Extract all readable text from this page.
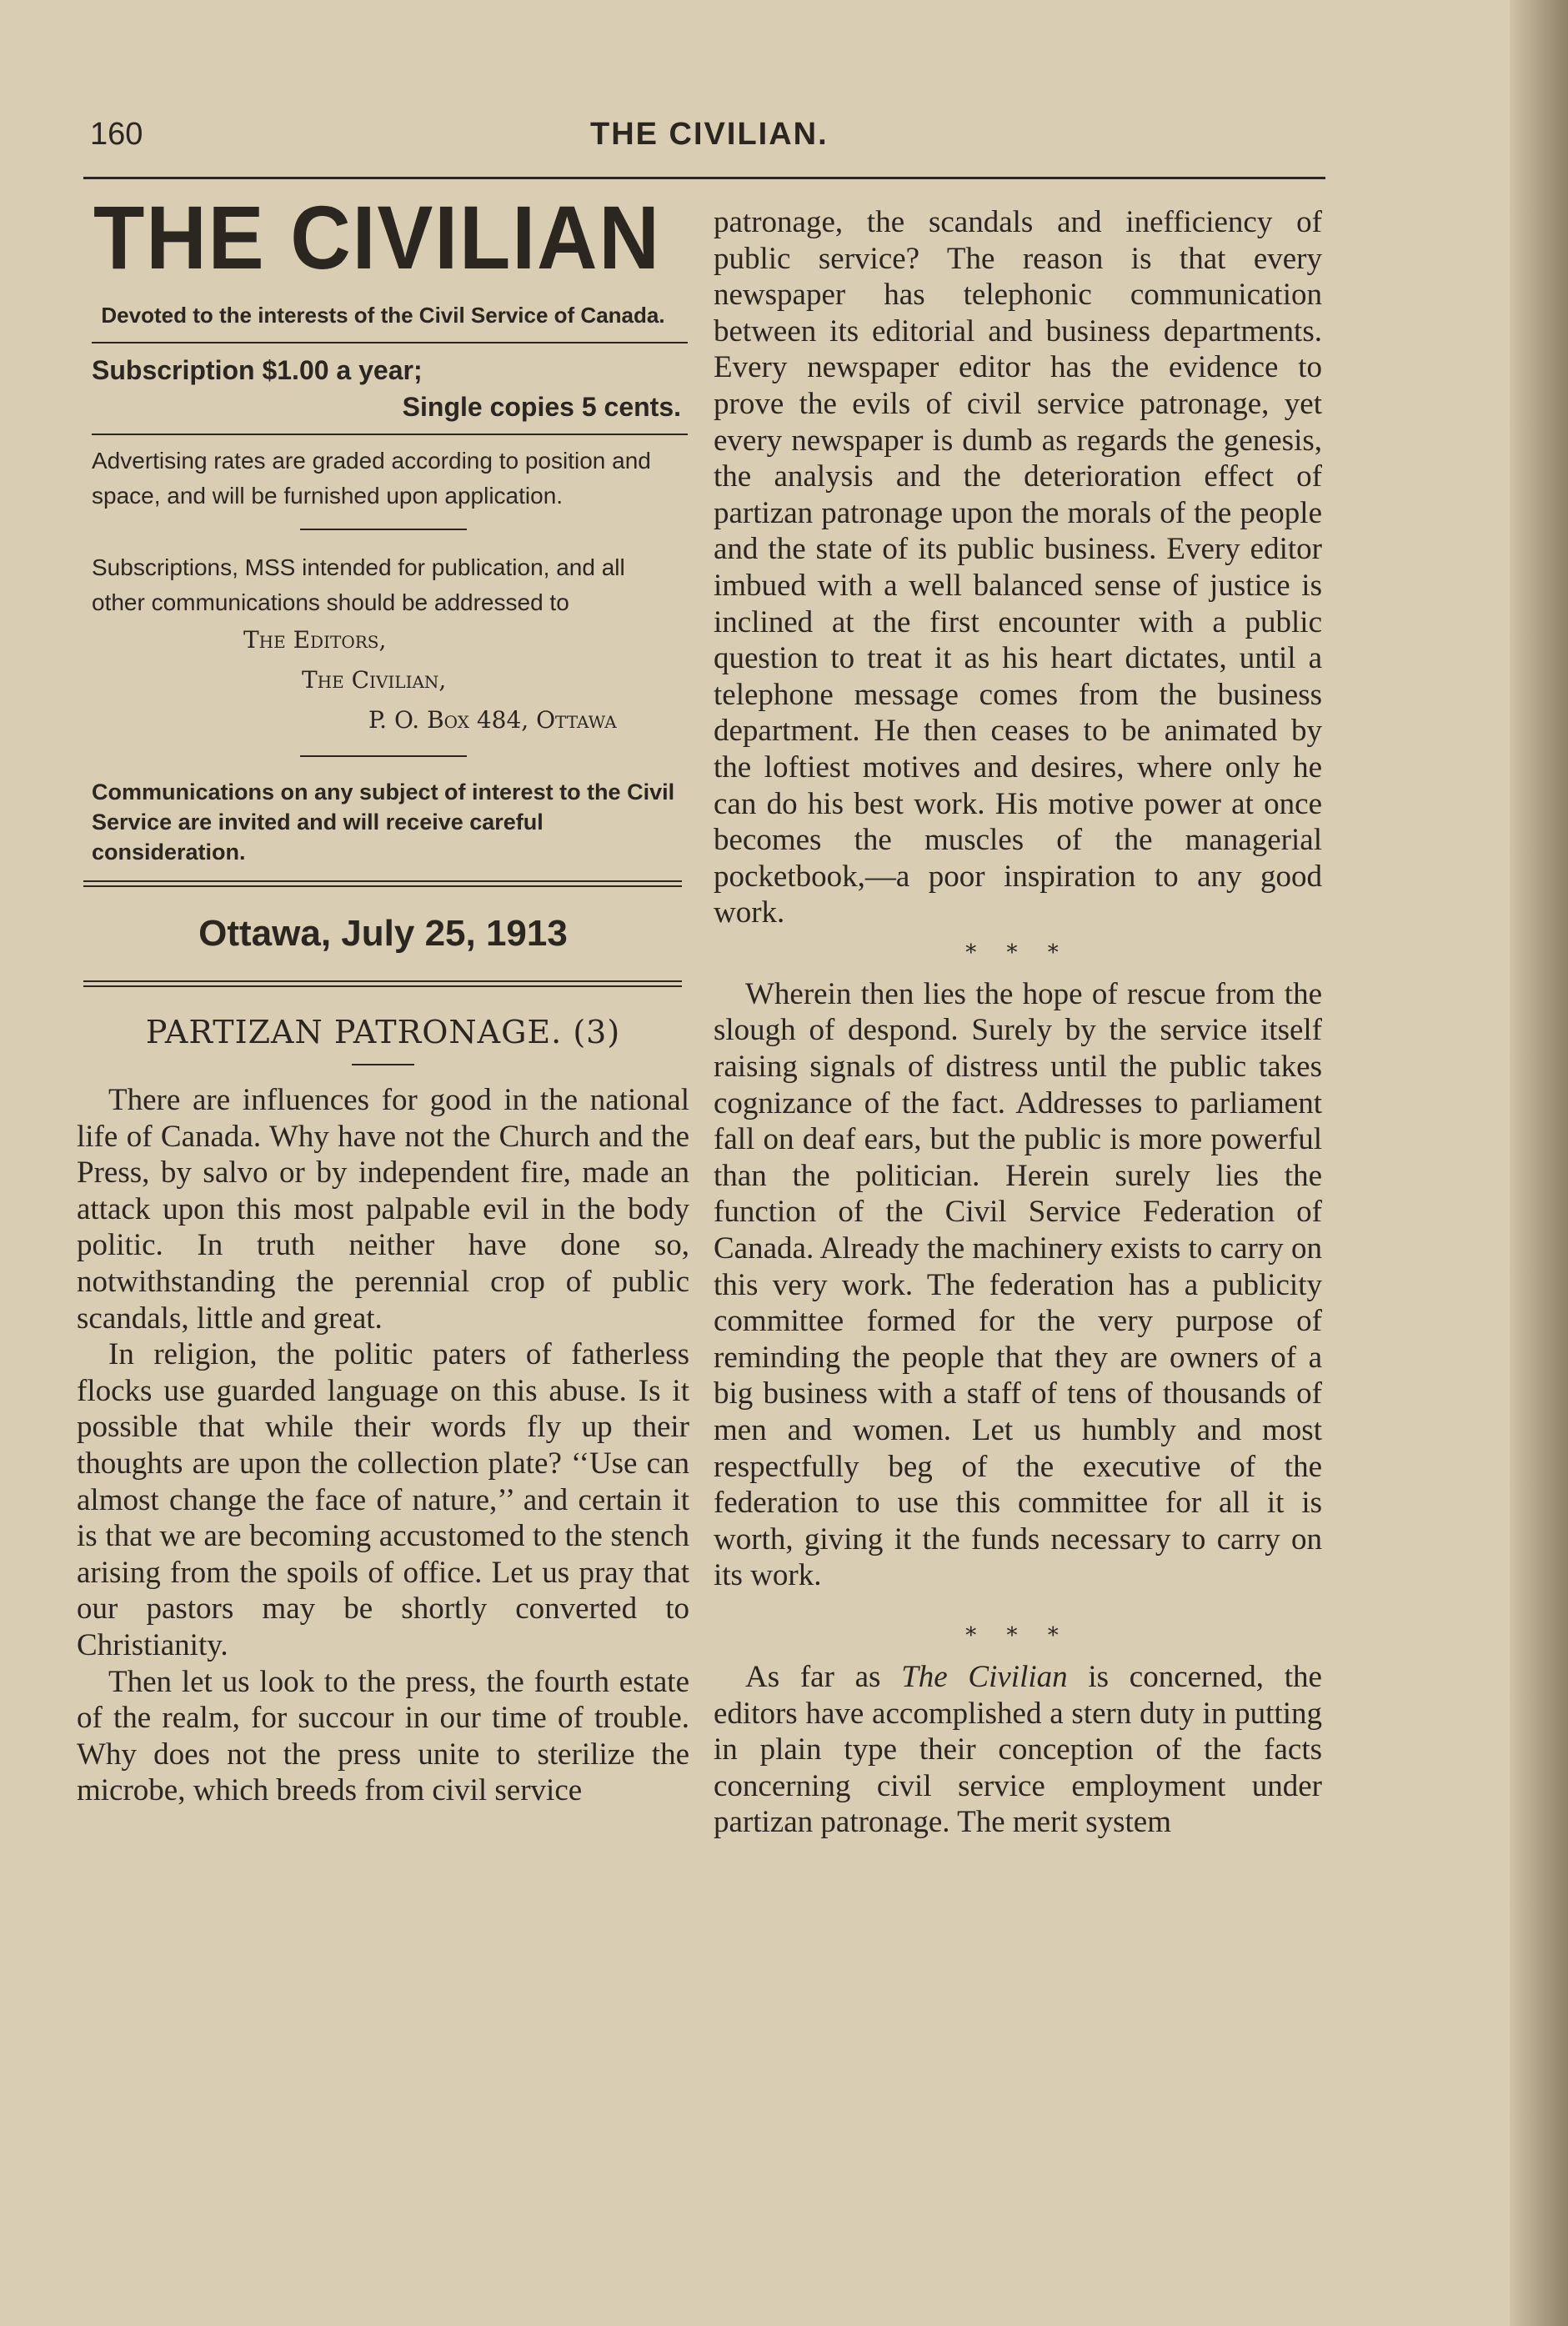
160	THE CIVILIAN.
THE CIVILIAN
Devoted to the interests of the Civil Service of Canada.
Subscription $1.00 a year;
Single copies 5 cents.
Advertising rates are graded according to position and space, and will be furnished upon application.
Subscriptions, MSS intended for publication, and all other communications should be addressed to
The Editors,
The Civilian,
P. O. Box 484, Ottawa
Communications on any subject of interest to the Civil Service are invited and will receive careful consideration.
Ottawa, July 25, 1913
PARTIZAN PATRONAGE. (3)

There are influences for good in the national life of Canada. Why have not the Church and the Press, by salvo or by independent fire, made an attack upon this most palpable evil in the body politic. In truth neither have done so, notwithstanding the perennial crop of public scandals, little and great.

In religion, the politic paters of fatherless flocks use guarded language on this abuse. Is it possible that while their words fly up their thoughts are upon the collection plate? ‘‘Use can almost change the face of nature,’’ and certain it is that we are becoming accustomed to the stench arising from the spoils of office. Let us pray that our pastors may be shortly converted to Christianity.

Then let us look to the press, the fourth estate of the realm, for succour in our time of trouble. Why does not the press unite to sterilize the microbe, which breeds from civil service

patronage, the scandals and inefficiency of public service? The reason is that every newspaper has telephonic communication between its editorial and business departments. Every newspaper editor has the evidence to prove the evils of civil service patronage, yet every newspaper is dumb as regards the genesis, the analysis and the deterioration effect of partizan patronage upon the morals of the people and the state of its public business. Every editor imbued with a well balanced sense of justice is inclined at the first encounter with a public question to treat it as his heart dictates, until a telephone message comes from the business department. He then ceases to be animated by the loftiest motives and desires, where only he can do his best work. His motive power at once becomes the muscles of the managerial pocketbook,—a poor inspiration to any good work.

* * *

Wherein then lies the hope of rescue from the slough of despond. Surely by the service itself raising signals of distress until the public takes cognizance of the fact. Addresses to parliament fall on deaf ears, but the public is more powerful than the politician. Herein surely lies the function of the Civil Service Federation of Canada. Already the machinery exists to carry on this very work. The federation has a publicity committee formed for the very purpose of reminding the people that they are owners of a big business with a staff of tens of thousands of men and women. Let us humbly and most respectfully beg of the executive of the federation to use this committee for all it is worth, giving it the funds necessary to carry on its work.

* * *

As far as The Civilian is concerned, the editors have accomplished a stern duty in putting in plain type their conception of the facts concerning civil service employment under partizan patronage. The merit system
